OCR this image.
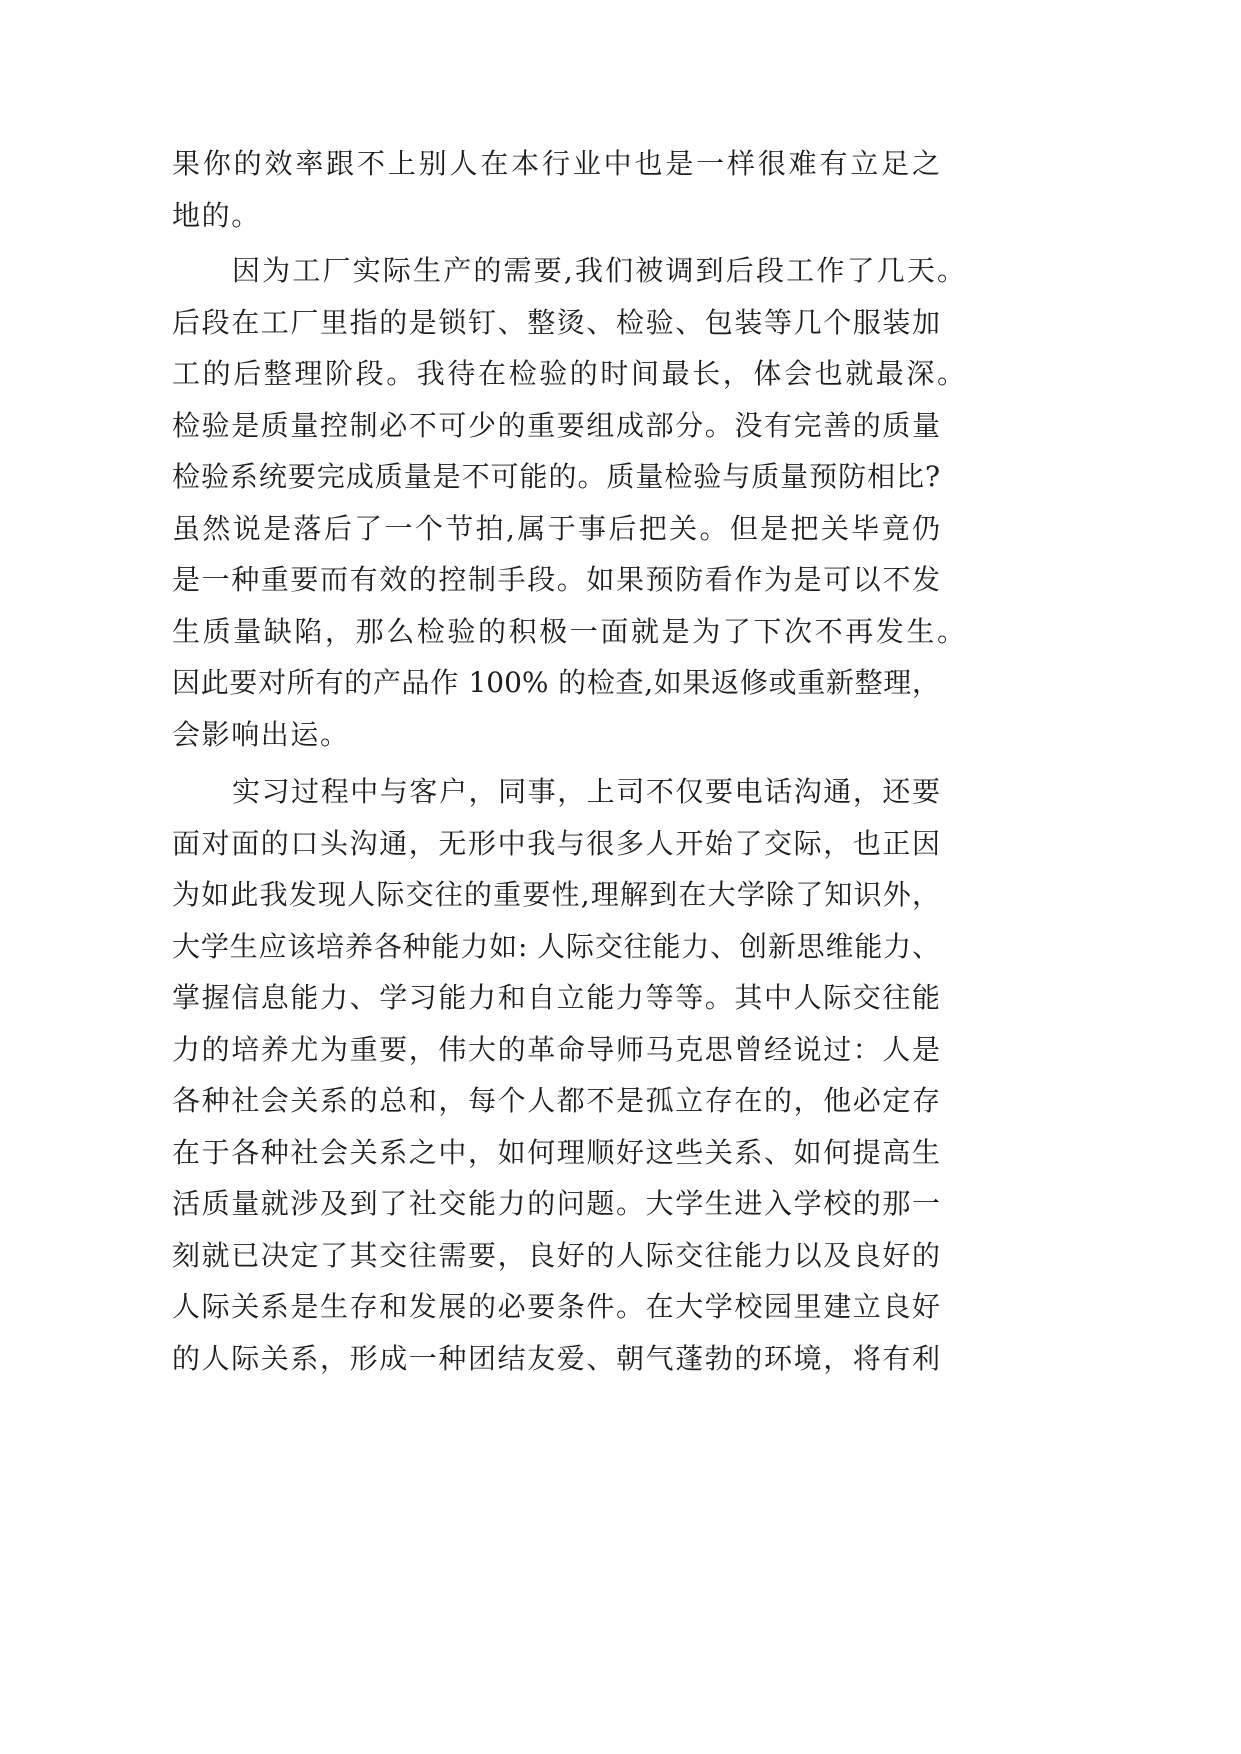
果你的效率跟不上别人在本行业中也是一样很难有立足之
地的。
因为工厂实际生产的需要,我们被调到后段工作了几天。
后段在工厂里指的是锁钉、整烫、检验、包装等几个服装加
工的后整理阶段。我待在检验的时间最长，体会也就最深。
检验是质量控制必不可少的重要组成部分。没有完善的质量
检验系统要完成质量是不可能的。质量检验与质量预防相比?
虽然说是落后了一个节拍,属于事后把关。但是把关毕竟仍
是一种重要而有效的控制手段。如果预防看作为是可以不发
生质量缺陷，那么检验的积极一面就是为了下次不再发生。
因此要对所有的产品作 100% 的检查,如果返修或重新整理，
会影响出运。
实习过程中与客户，同事，上司不仅要电话沟通，还要
面对面的口头沟通，无形中我与很多人开始了交际，也正因
为如此我发现人际交往的重要性,理解到在大学除了知识外，
大学生应该培养各种能力如: 人际交往能力、创新思维能力、
掌握信息能力、学习能力和自立能力等等。其中人际交往能
力的培养尤为重要，伟大的革命导师马克思曾经说过：人是
各种社会关系的总和，每个人都不是孤立存在的，他必定存
在于各种社会关系之中，如何理顺好这些关系、如何提高生
活质量就涉及到了社交能力的问题。大学生进入学校的那一
刻就已决定了其交往需要，良好的人际交往能力以及良好的
人际关系是生存和发展的必要条件。在大学校园里建立良好
的人际关系，形成一种团结友爱、朝气蓬勃的环境，将有利
